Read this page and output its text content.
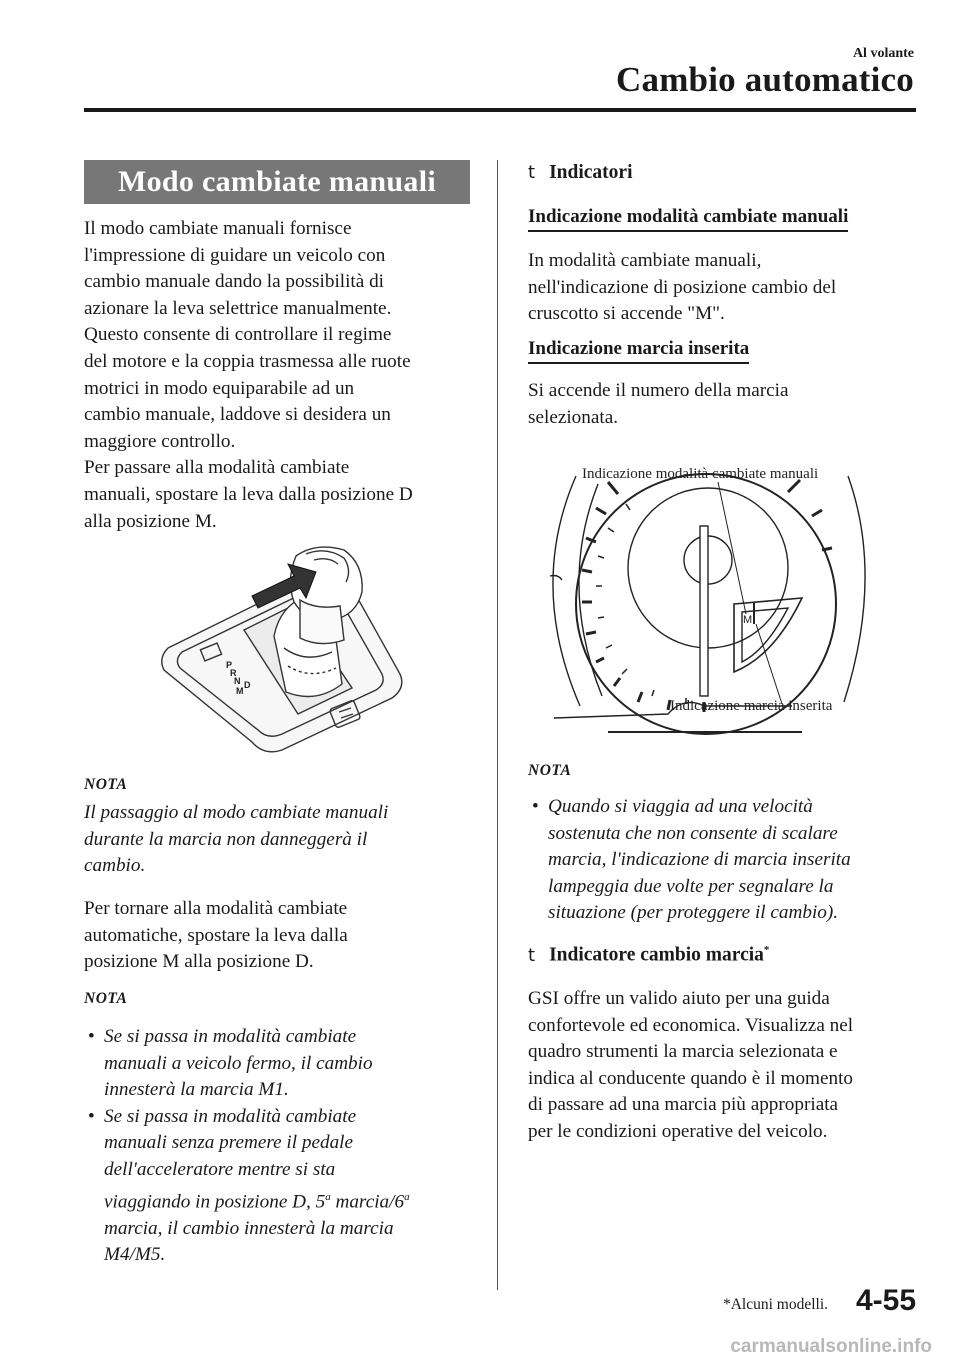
Al volante
Cambio automatico
Modo cambiate manuali

Il modo cambiate manuali fornisce

l'impressione di guidare un veicolo con

cambio manuale dando la possibilità di

azionare la leva selettrice manualmente.

Questo consente di controllare il regime

del motore e la coppia trasmessa alle ruote

motrici in modo equiparabile ad un

cambio manuale, laddove si desidera un

maggiore controllo.

Per passare alla modalità cambiate

manuali, spostare la leva dalla posizione D

alla posizione M.

P
R
N D
M
NOTA

Il passaggio al modo cambiate manuali

durante la marcia non danneggerà il

cambio.

Per tornare alla modalità cambiate

automatiche, spostare la leva dalla

posizione M alla posizione D.

NOTA
• Se si passa in modalità cambiate

manuali a veicolo fermo, il cambio

innesterà la marcia M1.

• Se si passa in modalità cambiate

manuali senza premere il pedale

dell'acceleratore mentre si sta

viaggiando in posizione D, 5$^a$ marcia/6$^a$

marcia, il cambio innesterà la marcia

M4/M5.

t Indicatori
Indicazione modalità cambiate manuali

In modalità cambiate manuali,

nell'indicazione di posizione cambio del

cruscotto si accende "M".

Indicazione marcia inserita

Si accende il numero della marcia

selezionata.

M
Indicazione modalità cambiate manuali
Indicazione marcia inserita
NOTA
• Quando si viaggia ad una velocità

sostenuta che non consente di scalare

marcia, l'indicazione di marcia inserita

lampeggia due volte per segnalare la

situazione (per proteggere il cambio).

t Indicatore cambio marcia*

GSI offre un valido aiuto per una guida

confortevole ed economica. Visualizza nel

quadro strumenti la marcia selezionata e

indica al conducente quando è il momento

di passare ad una marcia più appropriata

per le condizioni operative del veicolo.

*Alcuni modelli. 4-55
carmanualsonline.info
